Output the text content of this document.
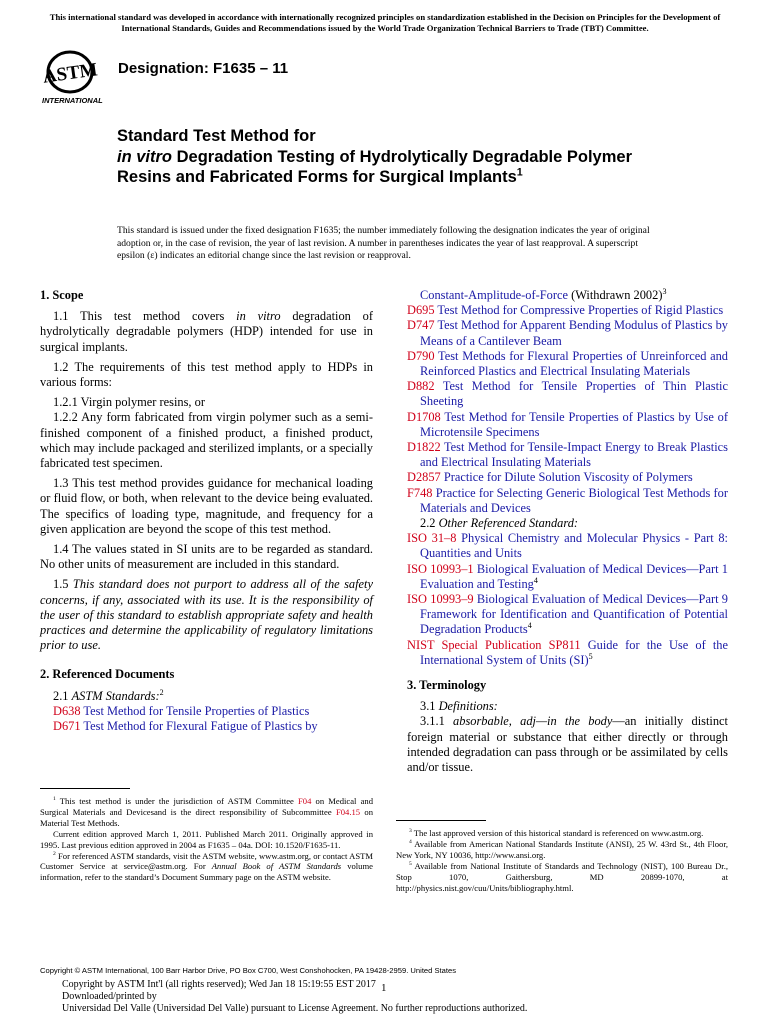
This international standard was developed in accordance with internationally recognized principles on standardization established in the Decision on Principles for the Development of International Standards, Guides and Recommendations issued by the World Trade Organization Technical Barriers to Trade (TBT) Committee.
ASTM
INTERNATIONAL
Designation: F1635 – 11
Standard Test Method for
in vitro Degradation Testing of Hydrolytically Degradable Polymer Resins and Fabricated Forms for Surgical Implants$^1$
This standard is issued under the fixed designation F1635; the number immediately following the designation indicates the year of original adoption or, in the case of revision, the year of last revision. A number in parentheses indicates the year of last reapproval. A superscript epsilon (ε) indicates an editorial change since the last revision or reapproval.
1. Scope
1.1 This test method covers in vitro degradation of hydrolytically degradable polymers (HDP) intended for use in surgical implants.
1.2 The requirements of this test method apply to HDPs in various forms:
1.2.1 Virgin polymer resins, or
1.2.2 Any form fabricated from virgin polymer such as a semi-finished component of a finished product, a finished product, which may include packaged and sterilized implants, or a specially fabricated test specimen.
1.3 This test method provides guidance for mechanical loading or fluid flow, or both, when relevant to the device being evaluated. The specifics of loading type, magnitude, and frequency for a given application are beyond the scope of this test method.
1.4 The values stated in SI units are to be regarded as standard. No other units of measurement are included in this standard.
1.5 This standard does not purport to address all of the safety concerns, if any, associated with its use. It is the responsibility of the user of this standard to establish appropriate safety and health practices and determine the applicability of regulatory limitations prior to use.
2. Referenced Documents
2.1 ASTM Standards:$^2$
D638 Test Method for Tensile Properties of Plastics
D671 Test Method for Flexural Fatigue of Plastics by
Constant-Amplitude-of-Force (Withdrawn 2002)$^3$
D695 Test Method for Compressive Properties of Rigid Plastics
D747 Test Method for Apparent Bending Modulus of Plastics by Means of a Cantilever Beam
D790 Test Methods for Flexural Properties of Unreinforced and Reinforced Plastics and Electrical Insulating Materials
D882 Test Method for Tensile Properties of Thin Plastic Sheeting
D1708 Test Method for Tensile Properties of Plastics by Use of Microtensile Specimens
D1822 Test Method for Tensile-Impact Energy to Break Plastics and Electrical Insulating Materials
D2857 Practice for Dilute Solution Viscosity of Polymers
F748 Practice for Selecting Generic Biological Test Methods for Materials and Devices
2.2 Other Referenced Standard:
ISO 31–8 Physical Chemistry and Molecular Physics - Part 8: Quantities and Units
ISO 10993–1 Biological Evaluation of Medical Devices—Part 1 Evaluation and Testing$^4$
ISO 10993–9 Biological Evaluation of Medical Devices—Part 9 Framework for Identification and Quantification of Potential Degradation Products$^4$
NIST Special Publication SP811 Guide for the Use of the International System of Units (SI)$^5$
3. Terminology
3.1 Definitions:
3.1.1 absorbable, adj—in the body—an initially distinct foreign material or substance that either directly or through intended degradation can pass through or be assimilated by cells and/or tissue.
$^1$ This test method is under the jurisdiction of ASTM Committee F04 on Medical and Surgical Materials and Devicesand is the direct responsibility of Subcommittee F04.15 on Material Test Methods.
Current edition approved March 1, 2011. Published March 2011. Originally approved in 1995. Last previous edition approved in 2004 as F1635 – 04a. DOI: 10.1520/F1635-11.
$^2$ For referenced ASTM standards, visit the ASTM website, www.astm.org, or contact ASTM Customer Service at service@astm.org. For Annual Book of ASTM Standards volume information, refer to the standard’s Document Summary page on the ASTM website.
$^3$ The last approved version of this historical standard is referenced on www.astm.org.
$^4$ Available from American National Standards Institute (ANSI), 25 W. 43rd St., 4th Floor, New York, NY 10036, http://www.ansi.org.
$^5$ Available from National Institute of Standards and Technology (NIST), 100 Bureau Dr., Stop 1070, Gaithersburg, MD 20899-1070, at http://physics.nist.gov/cuu/Units/bibliography.html.
Copyright © ASTM International, 100 Barr Harbor Drive, PO Box C700, West Conshohocken, PA 19428-2959. United States
Copyright by ASTM Int'l (all rights reserved); Wed Jan 18 15:19:55 EST 2017
Downloaded/printed by
Universidad Del Valle (Universidad Del Valle) pursuant to License Agreement. No further reproductions authorized.
1
